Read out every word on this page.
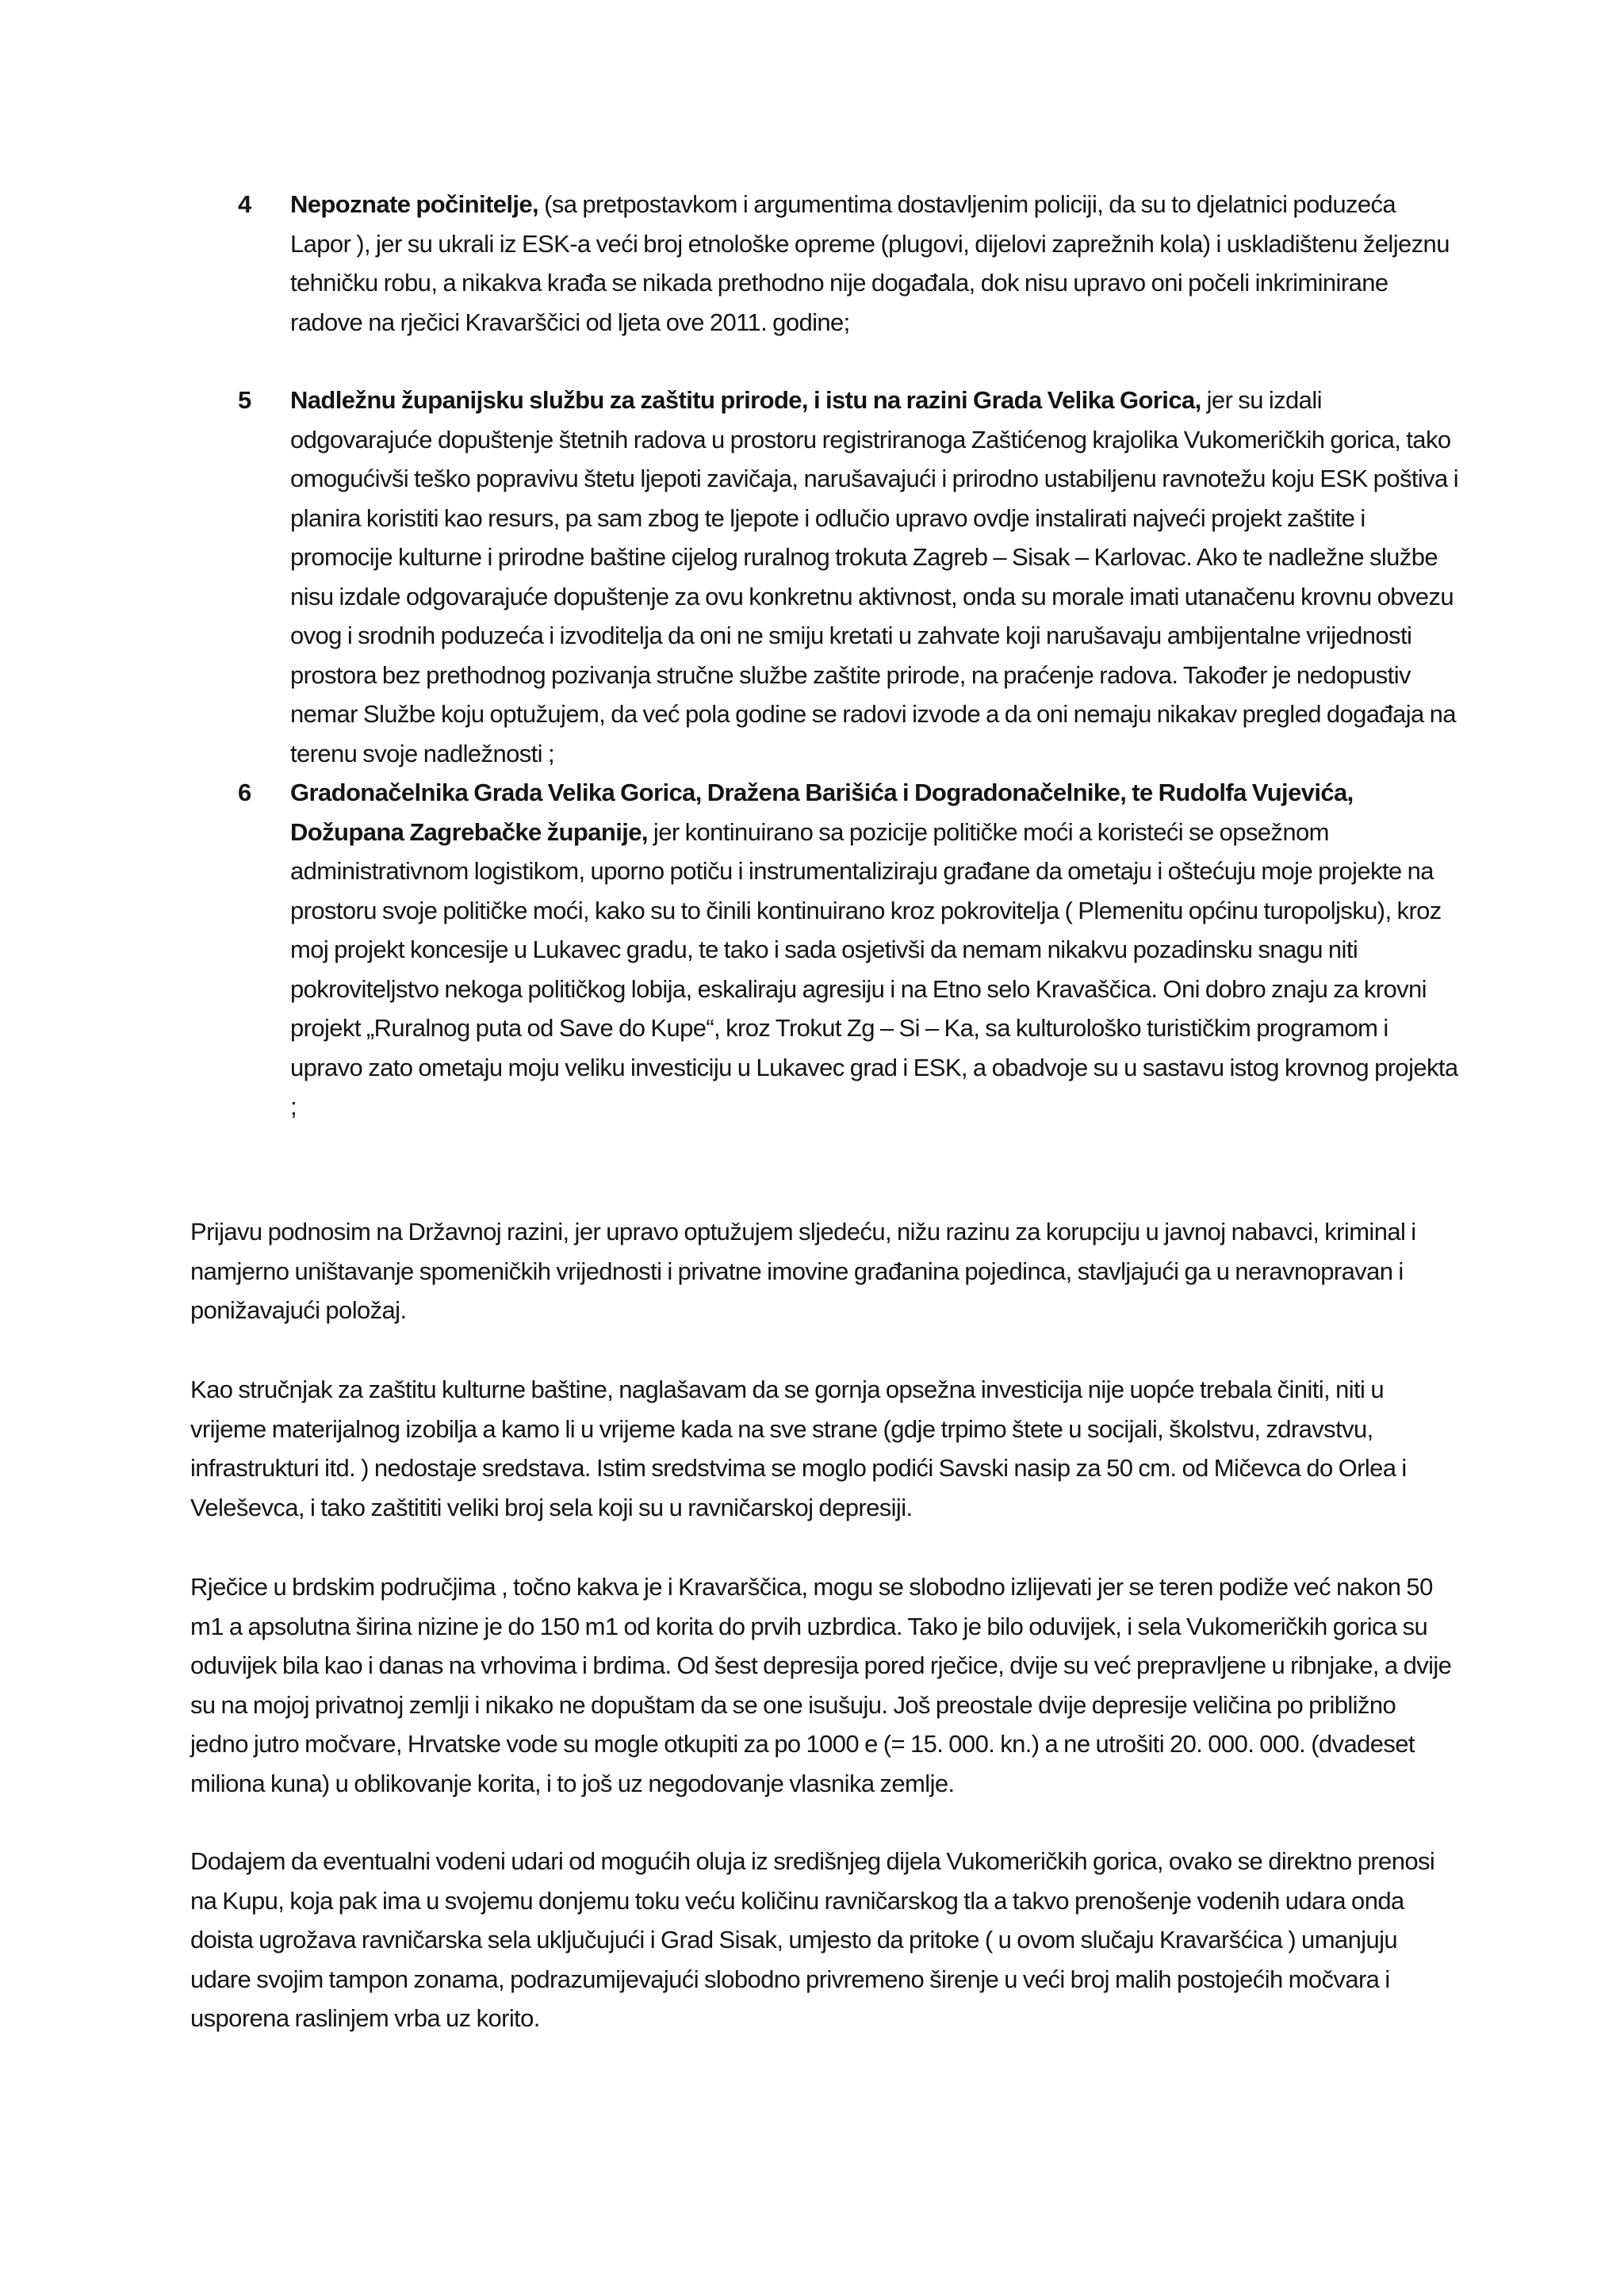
4 Nepoznate počinitelje, (sa pretpostavkom i argumentima dostavljenim policiji, da su to djelatnici poduzeća Lapor ), jer su ukrali iz ESK-a veći broj etnološke opreme (plugovi, dijelovi zaprežnih kola) i uskladištenu željeznu tehničku robu, a nikakva krađa se nikada prethodno nije događala, dok nisu upravo oni počeli inkriminirane radove na rječici Kravarščici od ljeta ove 2011. godine;
5 Nadležnu županijsku službu za zaštitu prirode, i istu na razini Grada Velika Gorica, jer su izdali odgovarajuće dopuštenje štetnih radova u prostoru registriranoga Zaštićenog krajolika Vukomeričkih gorica, tako omogućivši teško popravivu štetu ljepoti zavičaja, narušavajući i prirodno ustabiljenu ravnotežu koju ESK poštiva i planira koristiti kao resurs, pa sam zbog te ljepote i odlučio upravo ovdje instalirati najveći projekt zaštite i promocije kulturne i prirodne baštine cijelog ruralnog trokuta Zagreb – Sisak – Karlovac. Ako te nadležne službe nisu izdale odgovarajuće dopuštenje za ovu konkretnu aktivnost, onda su morale imati utanačenu krovnu obvezu ovog i srodnih poduzeća i izvoditelja da oni ne smiju kretati u zahvate koji narušavaju ambijentalne vrijednosti prostora bez prethodnog pozivanja stručne službe zaštite prirode, na praćenje radova. Također je nedopustiv nemar Službe koju optužujem, da već pola godine se radovi izvode a da oni nemaju nikakav pregled događaja na terenu svoje nadležnosti ;
6 Gradonačelnika Grada Velika Gorica, Dražena Barišića i Dogradonačelnike, te Rudolfa Vujevića, Dožupana Zagrebačke županije, jer kontinuirano sa pozicije političke moći a koristeći se opsežnom administrativnom logistikom, uporno potiču i instrumentaliziraju građane da ometaju i oštećuju moje projekte na prostoru svoje političke moći, kako su to činili kontinuirano kroz pokrovitelja ( Plemenitu općinu turopoljsku), kroz moj projekt koncesije u Lukavec gradu, te tako i sada osjetivši da nemam nikakvu pozadinsku snagu niti pokroviteljstvo nekoga političkog lobija, eskaliraju agresiju i na Etno selo Kravaščica. Oni dobro znaju za krovni projekt „Ruralnog puta od Save do Kupe“, kroz Trokut Zg – Si – Ka, sa kulturološko turističkim programom i upravo zato ometaju moju veliku investiciju u Lukavec grad i ESK, a obadvoje su u sastavu istog krovnog projekta ;

Prijavu podnosim na Državnoj razini, jer upravo optužujem sljedeću, nižu razinu za korupciju u javnoj nabavci, kriminal i namjerno uništavanje spomeničkih vrijednosti i privatne imovine građanina pojedinca, stavljajući ga u neravnopravan i ponižavajući položaj.

Kao stručnjak za zaštitu kulturne baštine, naglašavam da se gornja opsežna investicija nije uopće trebala činiti, niti u vrijeme materijalnog izobilja a kamo li u vrijeme kada na sve strane (gdje trpimo štete u socijali, školstvu, zdravstvu, infrastrukturi itd. ) nedostaje sredstava. Istim sredstvima se moglo podići Savski nasip za 50 cm. od Mičevca do Orlea i Veleševca, i tako zaštititi veliki broj sela koji su u ravničarskoj depresiji.

Rječice u brdskim područjima , točno kakva je i Kravarščica, mogu se slobodno izlijevati jer se teren podiže već nakon 50 m1 a apsolutna širina nizine je do 150 m1 od korita do prvih uzbrdica. Tako je bilo oduvijek, i sela Vukomeričkih gorica su oduvijek bila kao i danas na vrhovima i brdima. Od šest depresija pored rječice, dvije su već prepravljene u ribnjake, a dvije su na mojoj privatnoj zemlji i nikako ne dopuštam da se one isušuju. Još preostale dvije depresije veličina po približno jedno jutro močvare, Hrvatske vode su mogle otkupiti za po 1000 e (= 15. 000. kn.) a ne utrošiti 20. 000. 000. (dvadeset miliona kuna) u oblikovanje korita, i to još uz negodovanje vlasnika zemlje.

Dodajem da eventualni vodeni udari od mogućih oluja iz središnjeg dijela Vukomeričkih gorica, ovako se direktno prenosi na Kupu, koja pak ima u svojemu donjemu toku veću količinu ravničarskog tla a takvo prenošenje vodenih udara onda doista ugrožava ravničarska sela uključujući i Grad Sisak, umjesto da pritoke ( u ovom slučaju Kravaršćica ) umanjuju udare svojim tampon zonama, podrazumijevajući slobodno privremeno širenje u veći broj malih postojećih močvara i usporena raslinjem vrba uz korito.
